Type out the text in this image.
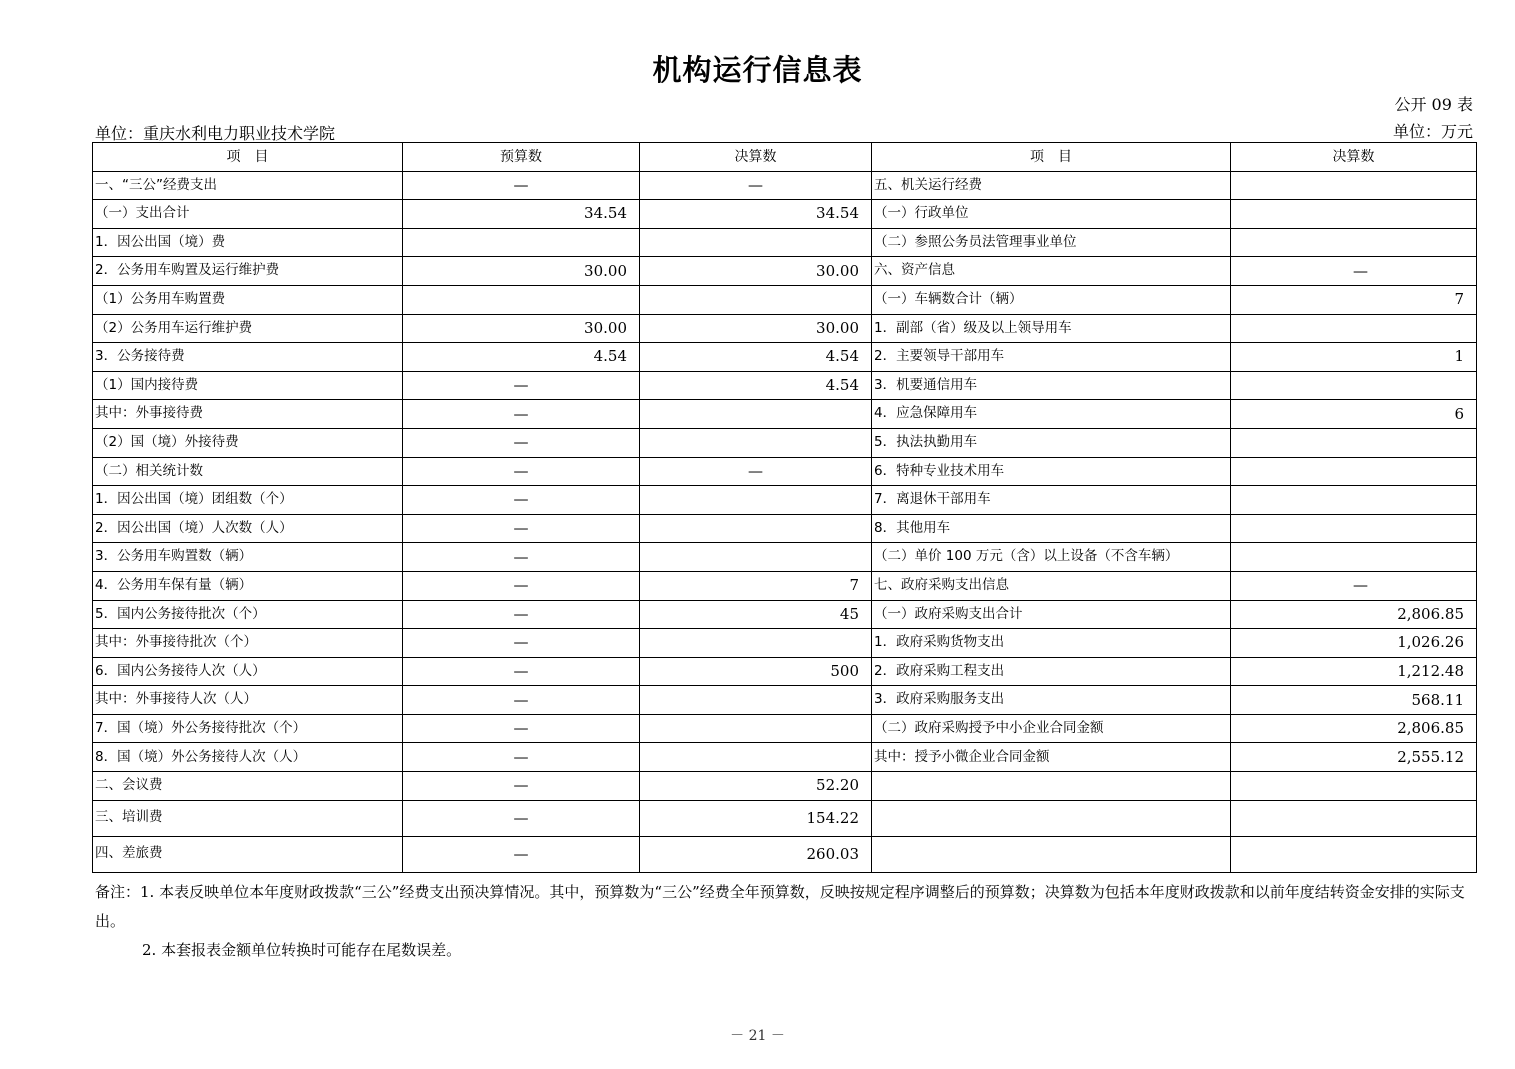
机构运行信息表
公开 09 表
单位：重庆水利电力职业技术学院	单位：万元
项　目	预算数	决算数	项　目	决算数
一、“三公”经费支出	—	—	五、机关运行经费	
（一）支出合计	34.54	34.54	（一）行政单位	
1．因公出国（境）费			（二）参照公务员法管理事业单位	
2．公务用车购置及运行维护费	30.00	30.00	六、资产信息	—
（1）公务用车购置费			（一）车辆数合计（辆）	7
（2）公务用车运行维护费	30.00	30.00	1．副部（省）级及以上领导用车	
3．公务接待费	4.54	4.54	2．主要领导干部用车	1
（1）国内接待费	—	4.54	3．机要通信用车	
其中：外事接待费	—		4．应急保障用车	6
（2）国（境）外接待费	—		5．执法执勤用车	
（二）相关统计数	—	—	6．特种专业技术用车	
1．因公出国（境）团组数（个）	—		7．离退休干部用车	
2．因公出国（境）人次数（人）	—		8．其他用车	
3．公务用车购置数（辆）	—		（二）单价 100 万元（含）以上设备（不含车辆）	
4．公务用车保有量（辆）	—	7	七、政府采购支出信息	—
5．国内公务接待批次（个）	—	45	（一）政府采购支出合计	2,806.85
其中：外事接待批次（个）	—		1．政府采购货物支出	1,026.26
6．国内公务接待人次（人）	—	500	2．政府采购工程支出	1,212.48
其中：外事接待人次（人）	—		3．政府采购服务支出	568.11
7．国（境）外公务接待批次（个）	—		（二）政府采购授予中小企业合同金额	2,806.85
8．国（境）外公务接待人次（人）	—		其中：授予小微企业合同金额	2,555.12
二、会议费	—	52.20		
三、培训费	—	154.22		
四、差旅费	—	260.03		

备注：1. 本表反映单位本年度财政拨款“三公”经费支出预决算情况。其中，预算数为“三公”经费全年预算数，反映按规定程序调整后的预算数；决算数为包括本年度财政拨款和以前年度结转资金安排的实际支出。

2. 本套报表金额单位转换时可能存在尾数误差。

－ 21 －
